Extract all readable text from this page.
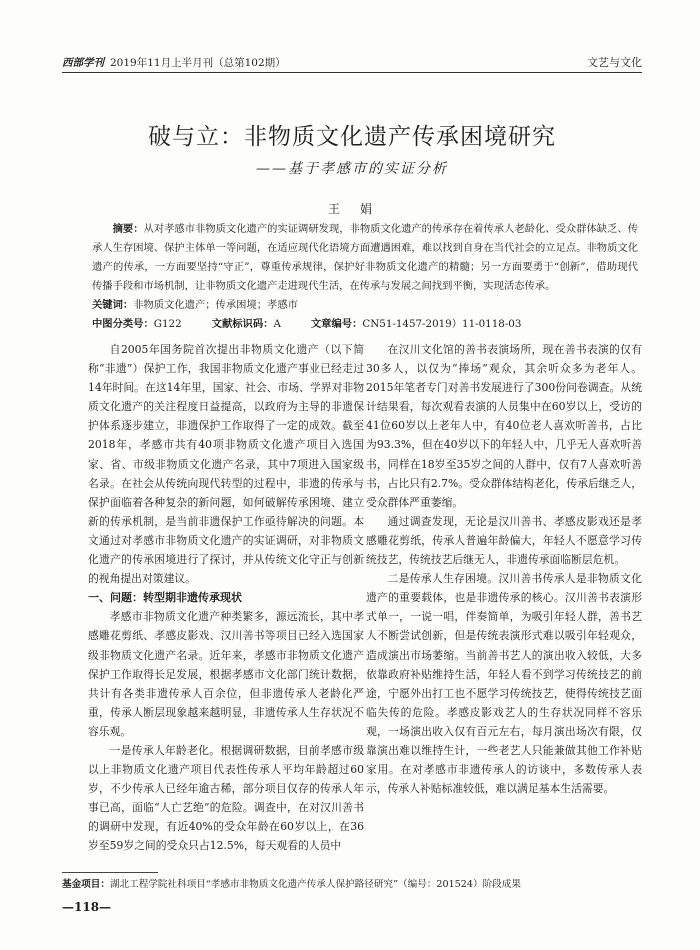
西部学刊 2019年11月上半月刊（总第102期）	文艺与文化
破与立：非物质文化遗产传承困境研究
——基于孝感市的实证分析
王　娟

摘要：从对孝感市非物质文化遗产的实证调研发现，非物质文化遗产的传承存在着传承人老龄化、受众群体缺乏、传承人生存困境、保护主体单一等问题，在适应现代化语境方面遭遇困难，难以找到自身在当代社会的立足点。非物质文化遗产的传承，一方面要坚持“守正”，尊重传承规律，保护好非物质文化遗产的精髓；另一方面要勇于“创新”，借助现代传播手段和市场机制，让非物质文化遗产走进现代生活，在传承与发展之间找到平衡，实现活态传承。

关键词：非物质文化遗产；传承困境；孝感市

中图分类号：G122	文献标识码：A	文章编号：CN51-1457-2019）11-0118-03

自2005年国务院首次提出非物质文化遗产（以下简称“非遗”）保护工作，我国非物质文化遗产事业已经走过14年时间。在这14年里，国家、社会、市场、学界对非物质文化遗产的关注程度日益提高，以政府为主导的非遗保护体系逐步建立，非遗保护工作取得了一定的成效。截至2018年，孝感市共有40项非物质文化遗产项目入选国家、省、市级非物质文化遗产名录，其中7项进入国家级名录。在社会从传统向现代转型的过程中，非遗的传承与保护面临着各种复杂的新问题，如何破解传承困境、建立新的传承机制，是当前非遗保护工作亟待解决的问题。本文通过对孝感市非物质文化遗产的实证调研，对非物质文化遗产的传承困境进行了探讨，并从传统文化守正与创新的视角提出对策建议。

一、问题：转型期非遗传承现状

孝感市非物质文化遗产种类繁多，源远流长，其中孝感雕花剪纸、孝感皮影戏、汉川善书等项目已经入选国家级非物质文化遗产名录。近年来，孝感市非物质文化遗产保护工作取得长足发展，根据孝感市文化部门统计数据，共计有各类非遗传承人百余位，但非遗传承人老龄化严重，传承人断层现象越来越明显，非遗传承人生存状况不容乐观。

一是传承人年龄老化。根据调研数据，目前孝感市级以上非物质文化遗产项目代表性传承人平均年龄超过60岁，不少传承人已经年逾古稀，部分项目仅存的传承人年事已高，面临“人亡艺绝”的危险。调查中，在对汉川善书的调研中发现，有近40%的受众年龄在60岁以上，在36岁至59岁之间的受众只占12.5%，每天观看的人员中

在汉川文化馆的善书表演场所，现在善书表演的仅有30多人，以仅为“捧场”观众，其余听众多为老年人。2015年笔者专门对善书发展进行了300份问卷调查。从统计结果看，每次观看表演的人员集中在60岁以上，受访的41位60岁以上老年人中，有40位老人喜欢听善书，占比为93.3%，但在40岁以下的年轻人中，几乎无人喜欢听善书，同样在18岁至35岁之间的人群中，仅有7人喜欢听善书，占比只有2.7%。受众群体结构老化，传承后继乏人，受众群体严重萎缩。

通过调查发现，无论是汉川善书、孝感皮影戏还是孝感雕花剪纸，传承人普遍年龄偏大，年轻人不愿意学习传统技艺，传统技艺后继无人，非遗传承面临断层危机。

二是传承人生存困境。汉川善书传承人是非物质文化遗产的重要载体，也是非遗传承的核心。汉川善书表演形式单一，一说一唱，伴奏简单，为吸引年轻人群，善书艺人不断尝试创新，但是传统表演形式难以吸引年轻观众，造成演出市场萎缩。当前善书艺人的演出收入较低，大多依靠政府补贴维持生活，年轻人看不到学习传统技艺的前途，宁愿外出打工也不愿学习传统技艺，使得传统技艺面临失传的危险。孝感皮影戏艺人的生存状况同样不容乐观，一场演出收入仅有百元左右，每月演出场次有限，仅靠演出难以维持生计，一些老艺人只能兼做其他工作补贴家用。在对孝感市非遗传承人的访谈中，多数传承人表示，传承人补贴标准较低，难以满足基本生活需要。

基金项目：湖北工程学院社科项目“孝感市非物质文化遗产传承人保护路径研究”（编号：201524）阶段成果

—118—
